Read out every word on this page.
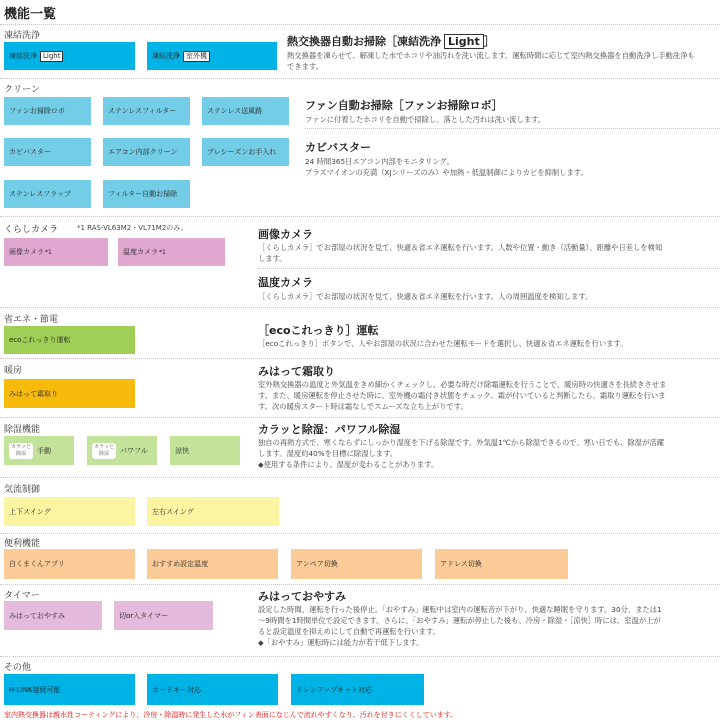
機能一覧
凍結洗浄
凍結洗浄 Light	凍結洗浄 室外機
熱交換器自動お掃除［凍結洗浄 Light ］
熱交換器を凍らせて、解凍した水でホコリや油汚れを洗い流します。運転時間に応じて室内熱交換器を自動洗浄し手動洗浄も
できます。
クリーン
ファンお掃除ロボ	ステンレスフィルター	ステンレス送風路
カビバスター	エアコン内部クリーン	プレシーズンお手入れ
ステンレスフラップ	フィルター自動お掃除
ファン自動お掃除［ファンお掃除ロボ］
ファンに付着したホコリを自動で掃除し、落とした汚れは洗い流します。
カビバスター
24 時間365日エアコン内部をモニタリング。
プラズマイオンの充満（XJシリーズのみ）や加熱・低温制御によりカビを抑制します。
くらしカメラ	*1 RAS-VL63M2・VL71M2のみ。
画像カメラ *1	温度カメラ *1
画像カメラ
［くらしカメラ］でお部屋の状況を見て、快適＆省エネ運転を行います。人数や位置・動き（活動量）、距離や日差しを検知
します。
温度カメラ
［くらしカメラ］でお部屋の状況を見て、快適＆省エネ運転を行います。人の周囲温度を検知します。
省エネ・節電
ecoこれっきり運転
［ecoこれっきり］運転
［ecoこれっきり］ボタンで、人やお部屋の状況に合わせた運転モードを選択し、快適＆省エネ運転を行います。
暖房
みはって霜取り
みはって霜取り
室外熱交換器の温度と外気温をきめ細かくチェックし、必要な時だけ除霜運転を行うことで、暖房時の快適さを長続きさせま
す。また、暖房運転を停止させた時に、室外機の霜付き状態をチェック。霜が付いていると判断したら、霜取り運転を行いま
す。次の暖房スタート時は霜なしでスムーズな立ち上がりです。
除湿機能
カラッと
除湿	手動	カラッと
除湿	パワフル	涼快
カラッと除湿：パワフル除湿
独自の再熱方式で、寒くならずにしっかり湿度を下げる除湿です。外気温1℃から除湿できるので、寒い日でも、除湿が活躍
します。湿度約40%を目標に除湿します。
◆使用する条件により、湿度が変わることがあります。
気流制御
上下スイング	左右スイング
便利機能
白くまくんアプリ	おすすめ設定温度	アンペア切換	アドレス切換
タイマー
みはっておやすみ	切or入タイマー
みはっておやすみ
設定した時間、運転を行った後停止。「おやすみ」運転中は室内の運転音が下がり、快適な睡眠を守ります。30分、または1
～9時間を1時間単位で設定できます。さらに、「おやすみ」運転が停止した後も、冷房・除湿・［涼快］時には、室温が上が
ると設定温度を抑えめにして自動で再運転を行います。
◆「おやすみ」運転時には能力が若干低下します。
その他
H-LINK接続可能	カードキー対応	ドレンアップキット対応
室内熱交換器は親水性コーティングにより、冷房・除湿時に発生した水がフィン表面になじんで流れやすくなり、汚れを付きにくくしています。
